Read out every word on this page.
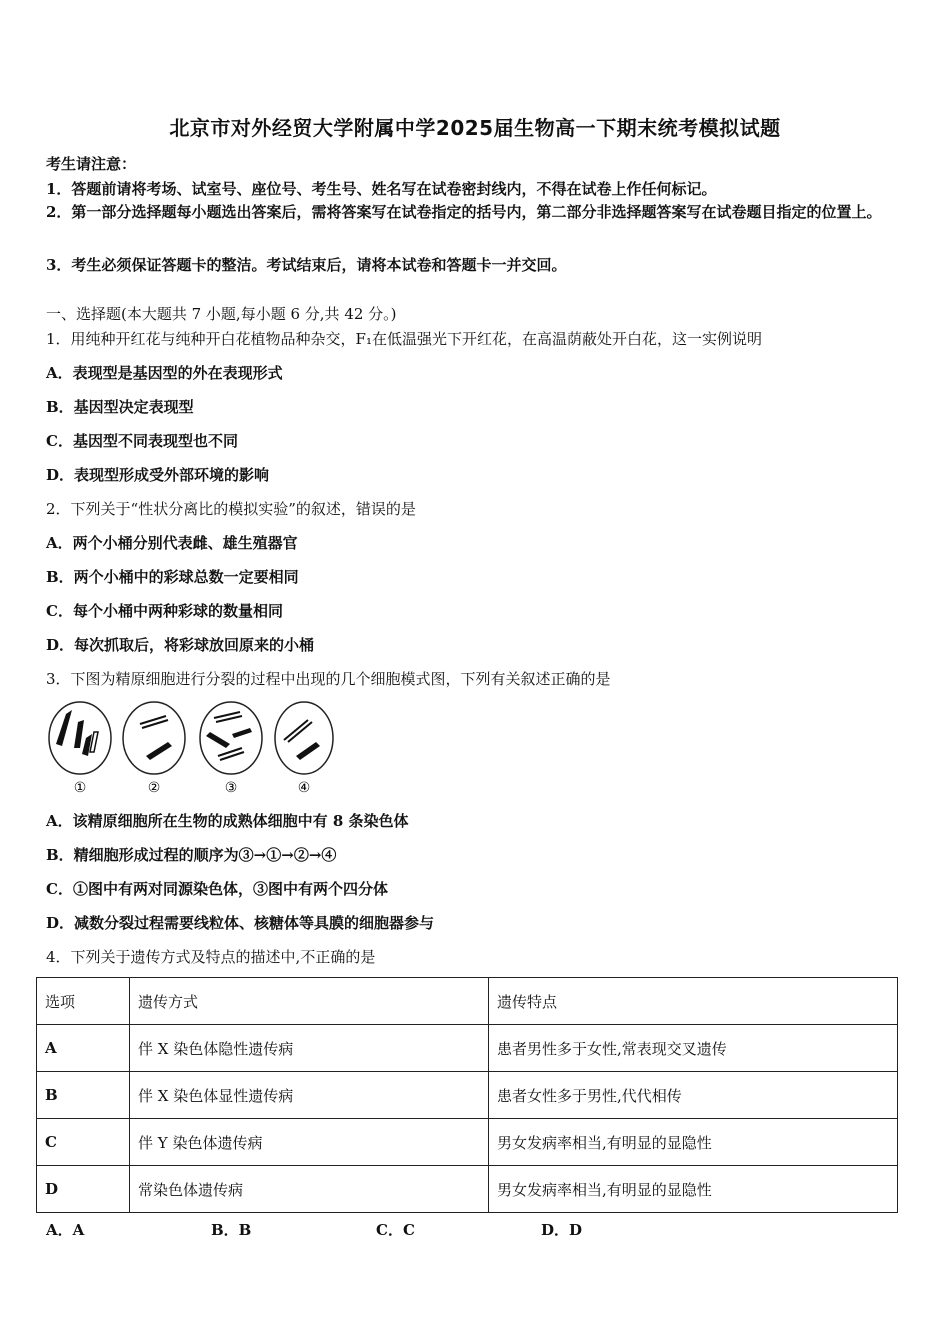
北京市对外经贸大学附属中学2025届生物高一下期末统考模拟试题
考生请注意：
1．答题前请将考场、试室号、座位号、考生号、姓名写在试卷密封线内，不得在试卷上作任何标记。
2．第一部分选择题每小题选出答案后，需将答案写在试卷指定的括号内，第二部分非选择题答案写在试卷题目指定的位置上。
3．考生必须保证答题卡的整洁。考试结束后，请将本试卷和答题卡一并交回。
一、选择题(本大题共 7 小题,每小题 6 分,共 42 分。)
1．用纯种开红花与纯种开白花植物品种杂交，F₁在低温强光下开红花，在高温荫蔽处开白花，这一实例说明
A．表现型是基因型的外在表现形式
B．基因型决定表现型
C．基因型不同表现型也不同
D．表现型形成受外部环境的影响
2．下列关于“性状分离比的模拟实验”的叙述，错误的是
A．两个小桶分别代表雌、雄生殖器官
B．两个小桶中的彩球总数一定要相同
C．每个小桶中两种彩球的数量相同
D．每次抓取后，将彩球放回原来的小桶
3．下图为精原细胞进行分裂的过程中出现的几个细胞模式图，下列有关叙述正确的是
①	②	③	④
A．该精原细胞所在生物的成熟体细胞中有 8 条染色体
B．精细胞形成过程的顺序为③→①→②→④
C．①图中有两对同源染色体，③图中有两个四分体
D．减数分裂过程需要线粒体、核糖体等具膜的细胞器参与
4．下列关于遗传方式及特点的描述中,不正确的是
选项	遗传方式	遗传特点
A	伴 X 染色体隐性遗传病	患者男性多于女性,常表现交叉遗传
B	伴 X 染色体显性遗传病	患者女性多于男性,代代相传
C	伴 Y 染色体遗传病	男女发病率相当,有明显的显隐性
D	常染色体遗传病	男女发病率相当,有明显的显隐性
A．A	B．B	C．C	D．D
